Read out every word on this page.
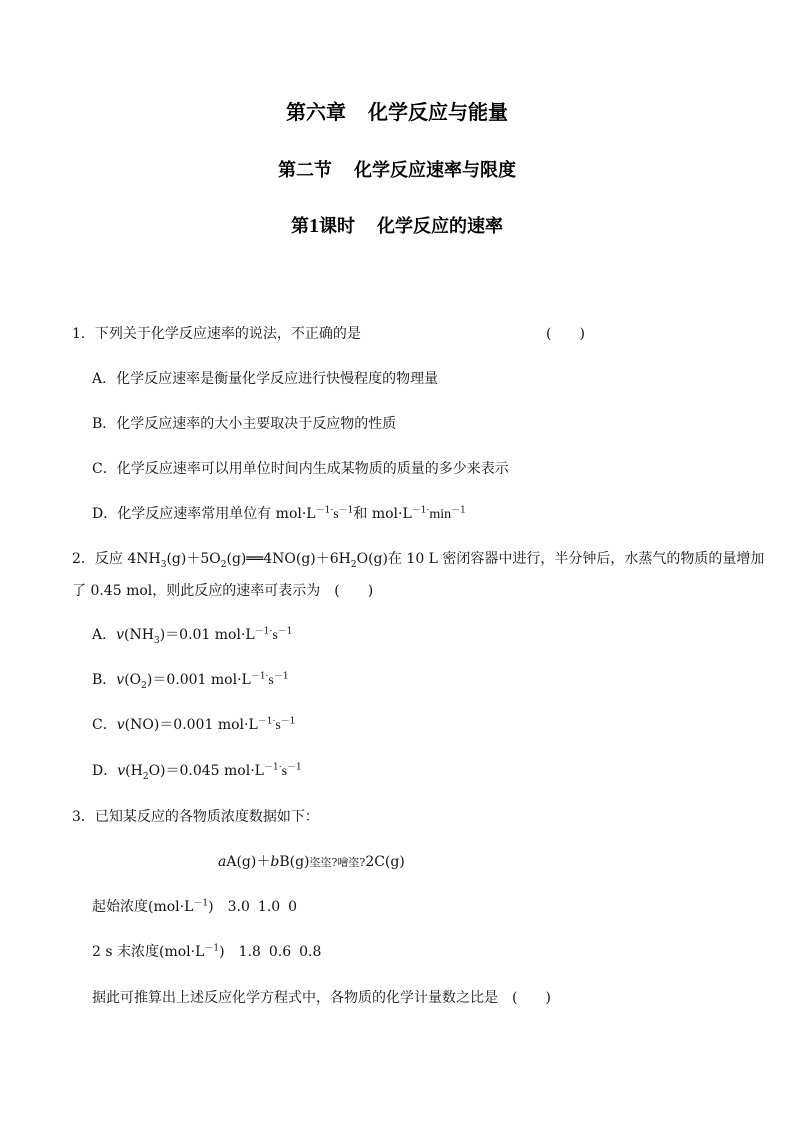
第六章 化学反应与能量
第二节 化学反应速率与限度
第1课时 化学反应的速率
1．下列关于化学反应速率的说法，不正确的是	(　　)
A．化学反应速率是衡量化学反应进行快慢程度的物理量
B．化学反应速率的大小主要取决于反应物的性质
C．化学反应速率可以用单位时间内生成某物质的质量的多少来表示
D．化学反应速率常用单位有 $mol\cdot L^{-1\cdot}s^{-1}$和 $mol\cdot L^{-1\cdot}\min^{-1}$
2．反应 $4NH_3(g)+5O_2(g)══4NO(g)+6H_2O(g)$在 10 L 密闭容器中进行，半分钟后，水蒸气的物质的量增加
了 0.45 mol，则此反应的速率可表示为 (　　)
A．$v(NH_3)=0.01$ $mol\cdot L^{-1\cdot}s^{-1}$
B．$v(O_2)=0.001$ $mol\cdot L^{-1\cdot}s^{-1}$
C．v(NO)＝0.001 $mol\cdot L^{-1\cdot}s^{-1}$
D．$v(H_2O)=0.045$ $mol\cdot L^{-1\cdot}s^{-1}$
3．已知某反应的各物质浓度数据如下：
aA(g)＋bB(g)垐垐?噲垐?2C(g)
起始浓度$(mol\cdot L^{-1})$ 3.0 1.0 0
2 s 末浓度$(mol\cdot L^{-1})$ 1.8 0.6 0.8
据此可推算出上述反应化学方程式中，各物质的化学计量数之比是 (　　)
